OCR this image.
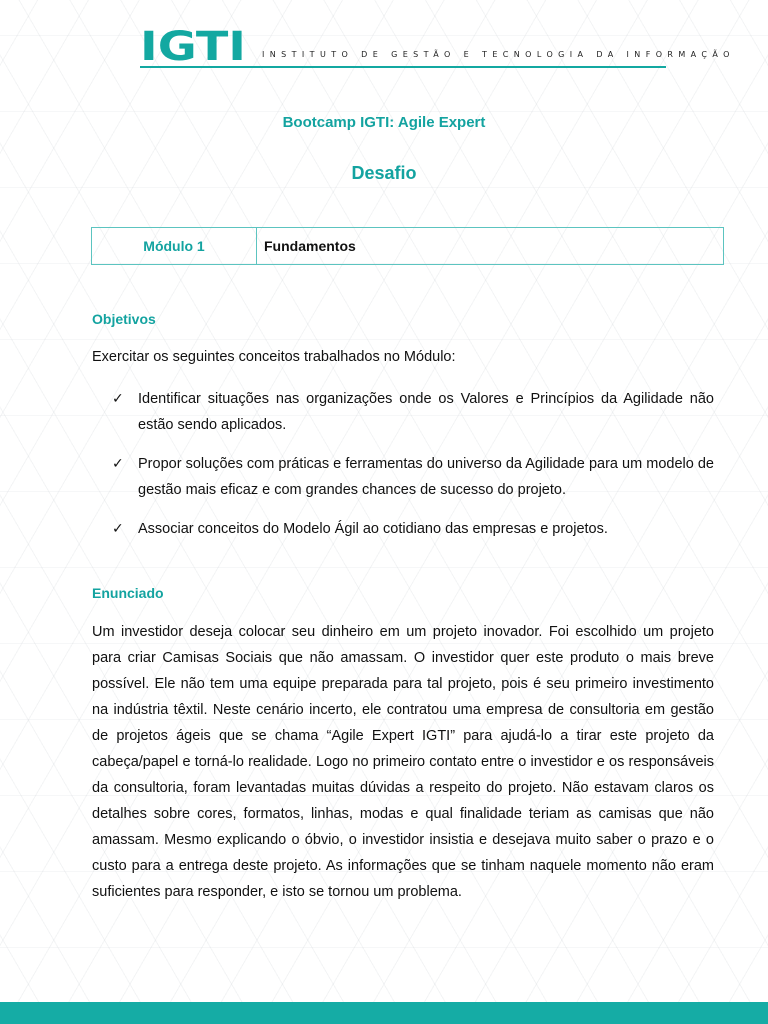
IGTI INSTITUTO DE GESTÃO E TECNOLOGIA DA INFORMAÇÃO
Bootcamp IGTI: Agile Expert
Desafio
Módulo 1	Fundamentos
Objetivos
Exercitar os seguintes conceitos trabalhados no Módulo:
✓ Identificar situações nas organizações onde os Valores e Princípios da Agilidade não estão sendo aplicados.
✓ Propor soluções com práticas e ferramentas do universo da Agilidade para um modelo de gestão mais eficaz e com grandes chances de sucesso do projeto.
✓ Associar conceitos do Modelo Ágil ao cotidiano das empresas e projetos.
Enunciado

Um investidor deseja colocar seu dinheiro em um projeto inovador. Foi escolhido um projeto para criar Camisas Sociais que não amassam. O investidor quer este produto o mais breve possível. Ele não tem uma equipe preparada para tal projeto, pois é seu primeiro investimento na indústria têxtil. Neste cenário incerto, ele contratou uma empresa de consultoria em gestão de projetos ágeis que se chama “Agile Expert IGTI” para ajudá-lo a tirar este projeto da cabeça/papel e torná-lo realidade. Logo no primeiro contato entre o investidor e os responsáveis da consultoria, foram levantadas muitas dúvidas a respeito do projeto. Não estavam claros os detalhes sobre cores, formatos, linhas, modas e qual finalidade teriam as camisas que não amassam. Mesmo explicando o óbvio, o investidor insistia e desejava muito saber o prazo e o custo para a entrega deste projeto. As informações que se tinham naquele momento não eram suficientes para responder, e isto se tornou um problema.
